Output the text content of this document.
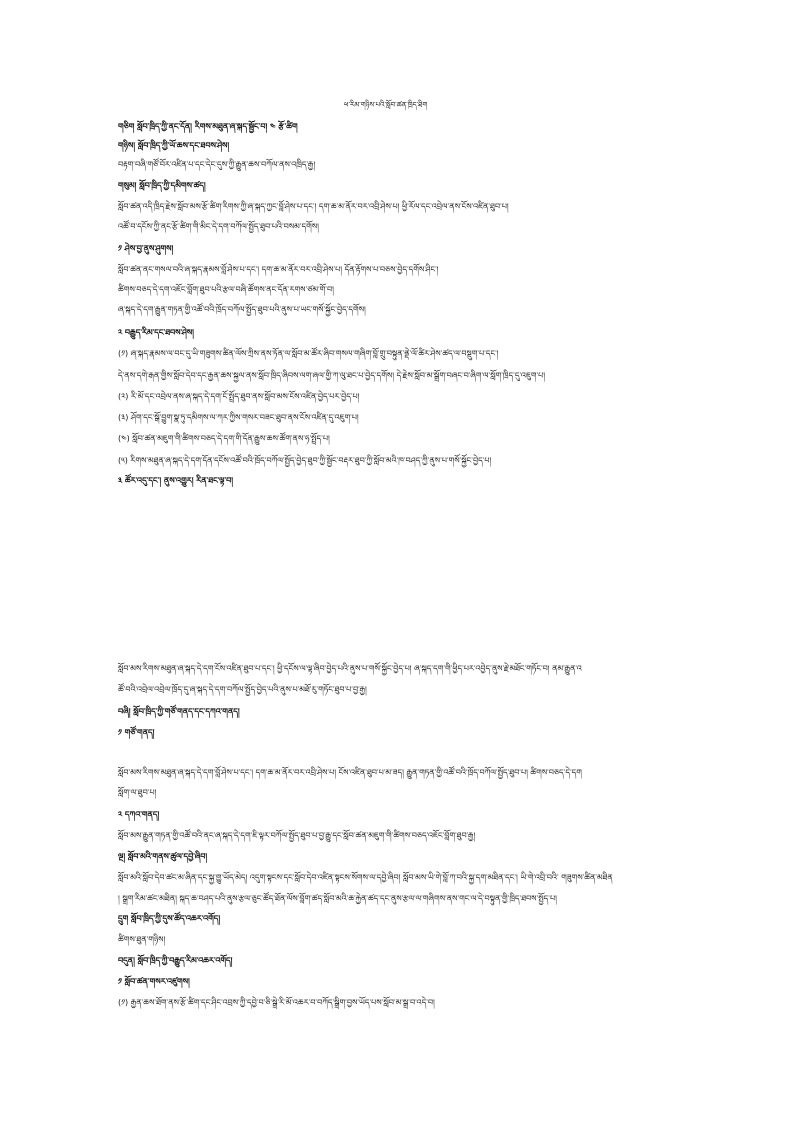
ཕ་རིམ་གཉིས་པའི་སློབ་ཚན་ཁྲིད་ཐིག
གཅིག སློབ་ཁྲིད་ཀྱི་ནང་དོན། རིགས་མཐུན་ཞ་སྐད་སྦྱོང་བ། ༤ རྩོ་ཚིག
གཉིས། སློབ་ཁྲིད་ཀྱི་ཡོ་ཆས་དང་ཐབས་ཤེས།
བརྟག་བཞི་གཙོ་བོར་འཛིན་པ་དང་དེང་དུས་ཀྱི་རྒྱུན་ཆས་བཀོལ་ནས་འཁྲིད་རྒྱ།
གསུམ། སློབ་ཁྲིད་ཀྱི་དམིགས་ཚད།
སློབ་ཚན་འདི་ཁྲིད་རྗེས་སློབ་མས་རྩོ་ཚིག་རིགས་ཀྱི་ཞ་སྐད་ཀྱང་བློ་ཤེས་པ་དང་། དག་ཆ་མ་ནོར་བར་འབྲི་ཤེས་པ། ཕྱི་རོལ་དང་འབྲེལ་ནས་ངོས་འཛིན་ཐུབ་པ།
འཚོ་བ་དངོས་ཀྱི་ནང་རྩོ་ཚིག་གི་མིང་དེ་དག་བཀོལ་སྤྱོད་ཐུབ་པའི་བསམ་དགོས།
༡ ཤེས་བྱ་ནུས་ཤུགས།
སློབ་ཚན་ནང་གསལ་བའི་ཞ་སྐད་རྣམས་བློ་ཤེས་པ་དང་། དག་ཆ་མ་ནོར་བར་འབྲི་ཤེས་པ། དོན་རྟོགས་པ་བཅས་བྱེད་དགོས་ཤིང་།
ཚིགས་བཅད་དེ་དག་འཇོང་བློག་ཐུབ་པའི་རྩལ་བཞི་ཚོགས་ནང་དོན་རགས་ཙམ་གོ་བ།
ཞ་སྐད་དེ་དག་རྒྱུན་གཏན་གྱི་འཚོ་བའི་ཁྲོད་བཀོལ་སྤྱོད་ཐུབ་པའི་ནུས་པ་ཡང་གསོ་སྐྱོང་བྱེད་དགོས།
༢ བརྒྱུད་རིམ་དང་ཐབས་ཤེས།
(༡) ཞ་སྐད་རྣམས་ལ་བང་དུ་ཡི་གཟུགས་ཚིན་ལོས་ཀྲིས་ནས་ཏོན་ལ་སློབ་མ་ཚོར་ཞིབ་གསལ་གཞིག་བློ་གྲུ་བསྟུན་ནྡེ་ལོ་ཚིར་ཤེས་ཚད་ལ་བསྡུག་པ་དང་།
དེ་ནས་དགེ་རྒན་གྱིས་སློབ་དེབ་དང་རྒྱན་ཆས་སྐྱལ་ནས་སློབ་ཁྲིད་ཞིབས་ལག་ཞལ་གྱི་ཀ་ལུ་ཐང་པ་བྱེད་དགོས། དེ་རྗེས་སློབ་མ་སྒྲོག་བཞང་བ་ཞིག་ལ་སློག་ཁྲིད་དུ་འཇུག་པ།
(༢) རི་མོ་དང་འབྲེལ་ནས་ཞ་སྐད་དེ་དག་ངོ་སྤྲོད་ཐུབ་ནས་སློབ་མས་ངོས་འཛིན་བྱེད་པར་བྱེད་པ།
(༣) ཤོག་དང་སྒོ་བྱུག་སྣ་ཏུ་དམིགས་ལ་ཀར་ཀྱིས་གསར་བཟང་ཐུབ་ནས་ངོས་འཛིན་དུ་འཇུག་པ།
(༤) སློབ་ཚན་མཇུག་གི་ཚིགས་བཅད་དེ་དག་གི་དོན་རྒྱུས་ཆས་ཚོག་ནས་ཧ་སྤྲོད་པ།
(༥) རིགས་མཐུན་ཞ་སྐད་དེ་དག་དོན་དངོས་འཚོ་བའི་ཁྲོད་བཀོལ་སྤྱོད་བྱེད་ཐུབ་ཀྱི་སྦྱོང་བརྡར་ཐུབ་ཀྱི་སློབ་མའི་ཁ་བཤད་ཀྱི་ནུས་པ་གསོ་སྐྱོང་བྱེད་པ།
༣ ཚོར་འདུ་དང་། ནུས་འགྱུར། རིན་ཐང་ལྟ་བ།
སློབ་མས་རིགས་མཐུན་ཞ་སྐད་དེ་དག་ངོས་འཛིན་ཐུབ་པ་དང་། ཕྱི་དངོས་ལ་ལྟ་ཞིབ་བྱེད་པའི་ནུས་པ་གསོ་སྐྱོང་བྱེད་པ། ཞ་སྐད་དག་གི་ཕྱིད་པར་འབྱེད་ནུས་རྗེ་མཐོང་གཏོང་བ། ནམ་རྒྱུན་འ
ཚོ་བའི་འབྲེལ་འབྲེལ་ཁྲོད་དུ་ཞ་སྐད་དེ་དག་བཀོལ་སྤྱོད་བྱེད་པའི་ནུས་པ་མཐོ་རུ་གཏོང་ཐུབ་པ་བྱ་རྒྱ།
བཞི། སློབ་ཁྲིད་ཀྱི་གཙོ་གནད་དང་དཀའ་གནད།
༡ གཙོ་གནད།
སློབ་མས་རིགས་མཐུན་ཞ་སྐད་དེ་དག་བློ་ཤེས་པ་དང་། དག་ཆ་མ་ནོར་བར་འབྲི་ཤེས་པ། ངོས་འཛིན་ཐུབ་པ་མ་ཟད། རྒྱུན་གཏན་གྱི་འཚོ་བའི་ཁྲོད་བཀོལ་སྤྱོད་ཐུབ་པ། ཚིགས་བཅད་དེ་དག
སློག་ལ་ཐུབ་པ།
༢ དཀའ་གནད།
སློབ་མས་རྒྱུན་གཏན་གྱི་འཚོ་བའི་ནང་ཞ་སྐད་དེ་དག་ཇི་ལྟར་བཀོལ་སྤྱོད་ཐུབ་པ་བྱ་རྒྱུ་དང་སློབ་ཚན་མཇུག་གི་ཚིགས་བཅད་འཇོང་བློག་ཐུབ་རྒྱ།
ལྔ། སློབ་མའི་གནས་ཚུལ་དབྱེ་ཞིབ།
སློབ་མའི་སློབ་དེབ་ཚང་མ་ཞིན་དང་སྐྱ་གྱུ་ཡོད་མེད། འདུག་སྟངས་དང་སློབ་དེབ་འཛིན་སྟངས་སོགས་ལ་དབྱེ་ཞིབ། སློབ་མས་ཡི་གེ་བློ་ཀ་བའི་སྐྱ་དག་མཐིན་དང་། ཡི་གེ་འབྲི་བའི་ གཟུགས་ཚིན་མཐིན
། སྒྲག་རིམ་ཚང་མཐིན། སྐད་ཆ་བཤད་པའི་ནུས་རྩལ་ཅུང་ཚོད་ཐོན་ལོས་བློག་ཚད་སློབ་མའི་ཆ་རྐྱེན་ཚད་དང་ནུས་རྩལ་ལ་གཞིགས་ནས་གང་ལ་དེ་བསྟུན་གྱི་ཁྲིད་ཐབས་སྤྱོད་པ།
དྲུག སློབ་ཁྲིད་ཀྱི་དུས་ཚོད་འཆར་འགོད།
ཚིགས་ཐུན་གཉིས།
བདུན། སློབ་ཁྲིད་ཀྱི་བརྒྱུད་རིམ་འཆར་འགོད།
༡ སློབ་ཚན་གསར་འཛུགས།
(༡) རྒྱན་ཆས་ཐོག་ནས་རྩོ་ཚིག་དང་ཤིང་འབྲས་ཀྱི་དབྱེ་བ་ཅི་སྒྲེ་རི་མོ་འཆར་བ་བཀོད་སྒྲིག་བྱས་ཡོད་པས་སློབ་མ་སྒྲ་བ་འདེ་བ།
